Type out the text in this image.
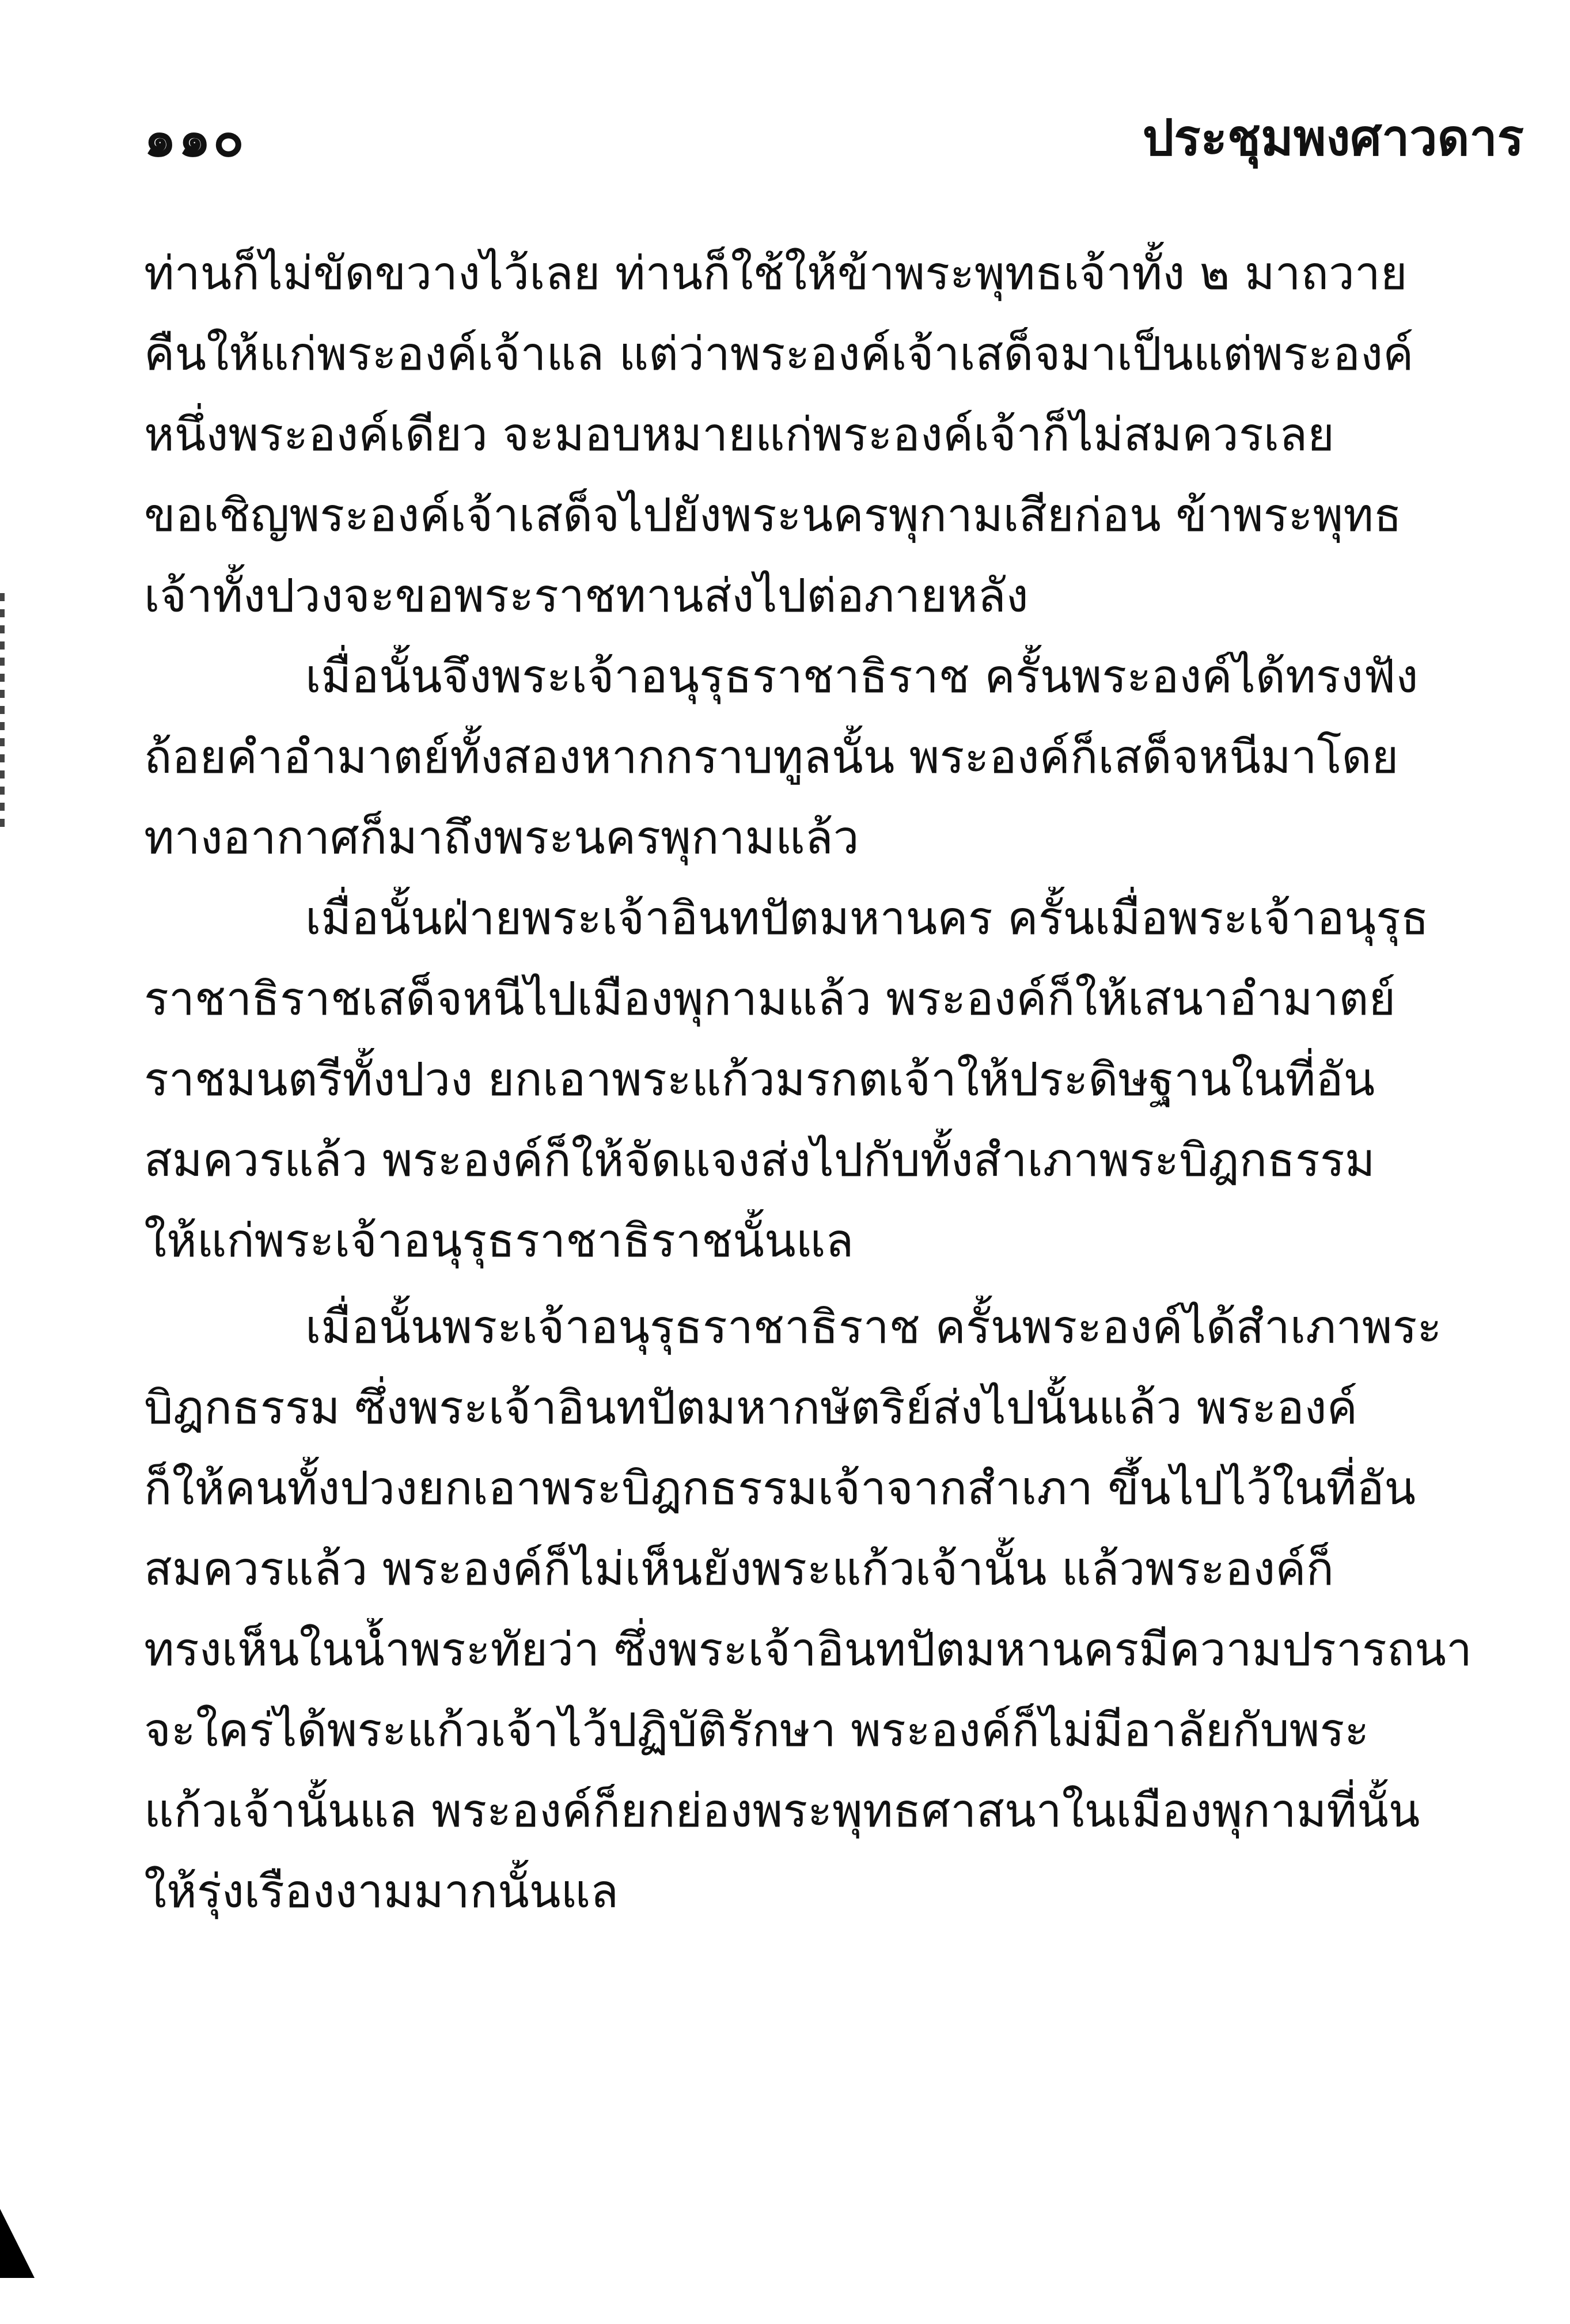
๑๑๐	ประชุมพงศาวดาร
ท่านก็ไม่ขัดขวางไว้เลย ท่านก็ใช้ให้ข้าพระพุทธเจ้าทั้ง ๒ มาถวาย
คืนให้แก่พระองค์เจ้าแล แต่ว่าพระองค์เจ้าเสด็จมาเป็นแต่พระองค์
หนึ่งพระองค์เดียว จะมอบหมายแก่พระองค์เจ้าก็ไม่สมควรเลย
ขอเชิญพระองค์เจ้าเสด็จไปยังพระนครพุกามเสียก่อน ข้าพระพุทธ
เจ้าทั้งปวงจะขอพระราชทานส่งไปต่อภายหลัง
เมื่อนั้นจึงพระเจ้าอนุรุธราชาธิราช ครั้นพระองค์ได้ทรงฟัง
ถ้อยคำอำมาตย์ทั้งสองหากกราบทูลนั้น พระองค์ก็เสด็จหนีมาโดย
ทางอากาศก็มาถึงพระนครพุกามแล้ว
เมื่อนั้นฝ่ายพระเจ้าอินทปัตมหานคร ครั้นเมื่อพระเจ้าอนุรุธ
ราชาธิราชเสด็จหนีไปเมืองพุกามแล้ว พระองค์ก็ให้เสนาอำมาตย์
ราชมนตรีทั้งปวง ยกเอาพระแก้วมรกตเจ้าให้ประดิษฐานในที่อัน
สมควรแล้ว พระองค์ก็ให้จัดแจงส่งไปกับทั้งสำเภาพระบิฎกธรรม
ให้แก่พระเจ้าอนุรุธราชาธิราชนั้นแล
เมื่อนั้นพระเจ้าอนุรุธราชาธิราช ครั้นพระองค์ได้สำเภาพระ
บิฎกธรรม ซึ่งพระเจ้าอินทปัตมหากษัตริย์ส่งไปนั้นแล้ว พระองค์
ก็ให้คนทั้งปวงยกเอาพระบิฎกธรรมเจ้าจากสำเภา ขึ้นไปไว้ในที่อัน
สมควรแล้ว พระองค์ก็ไม่เห็นยังพระแก้วเจ้านั้น แล้วพระองค์ก็
ทรงเห็นในน้ำพระทัยว่า ซึ่งพระเจ้าอินทปัตมหานครมีความปรารถนา
จะใคร่ได้พระแก้วเจ้าไว้ปฏิบัติรักษา พระองค์ก็ไม่มีอาลัยกับพระ
แก้วเจ้านั้นแล พระองค์ก็ยกย่องพระพุทธศาสนาในเมืองพุกามที่นั้น
ให้รุ่งเรืองงามมากนั้นแล
